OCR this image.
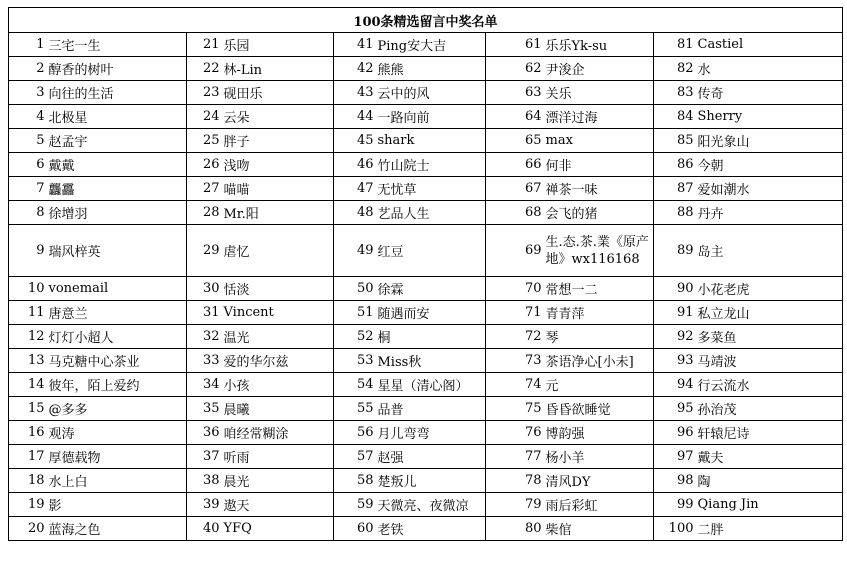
100条精选留言中奖名单									
1	三宅一生	21	乐园	41	Ping安大吉	61	乐乐Yk-su	81	Castiel
2	醇香的树叶	22	林-Lin	42	熊熊	62	尹浚企	82	水
3	向往的生活	23	砚田乐	43	云中的风	63	关乐	83	传奇
4	北极星	24	云朵	44	一路向前	64	漂洋过海	84	Sherry
5	赵孟宇	25	胖子	45	shark	65	max	85	阳光象山
6	戴戴	26	浅吻	46	竹山院士	66	何非	86	今朝
7	龘靐	27	喵喵	47	无忧草	67	禅茶一味	87	爱如潮水
8	徐增羽	28	Mr.阳	48	艺品人生	68	会飞的猪	88	丹卉
9	瑞风梓英	29	虐忆	49	红豆	69	生.态.茶.業《原产地》wx116168	89	岛主
10	vonemail	30	恬淡	50	徐霖	70	常想一二	90	小花老虎
11	唐意兰	31	Vincent	51	随遇而安	71	青青萍	91	私立龙山
12	灯灯小超人	32	温光	52	桐	72	琴	92	多菜鱼
13	马克糖中心茶业	33	爱的华尔兹	53	Miss秋	73	茶语净心[小未]	93	马靖波
14	彼年，陌上爱约	34	小孩	54	星星（清心阁）	74	元	94	行云流水
15	@多多	35	晨曦	55	品普	75	昏昏欲睡觉	95	孙治茂
16	观涛	36	咱经常糊涂	56	月儿弯弯	76	博韵强	96	轩辕尼诗
17	厚德载物	37	听雨	57	赵强	77	杨小羊	97	戴夫
18	水上白	38	晨光	58	楚叛儿	78	清风DY	98	陶
19	影	39	遨天	59	天微亮、夜微凉	79	雨后彩虹	99	Qiang Jin
20	蓝海之色	40	YFQ	60	老铁	80	柴倌	100	二胖
